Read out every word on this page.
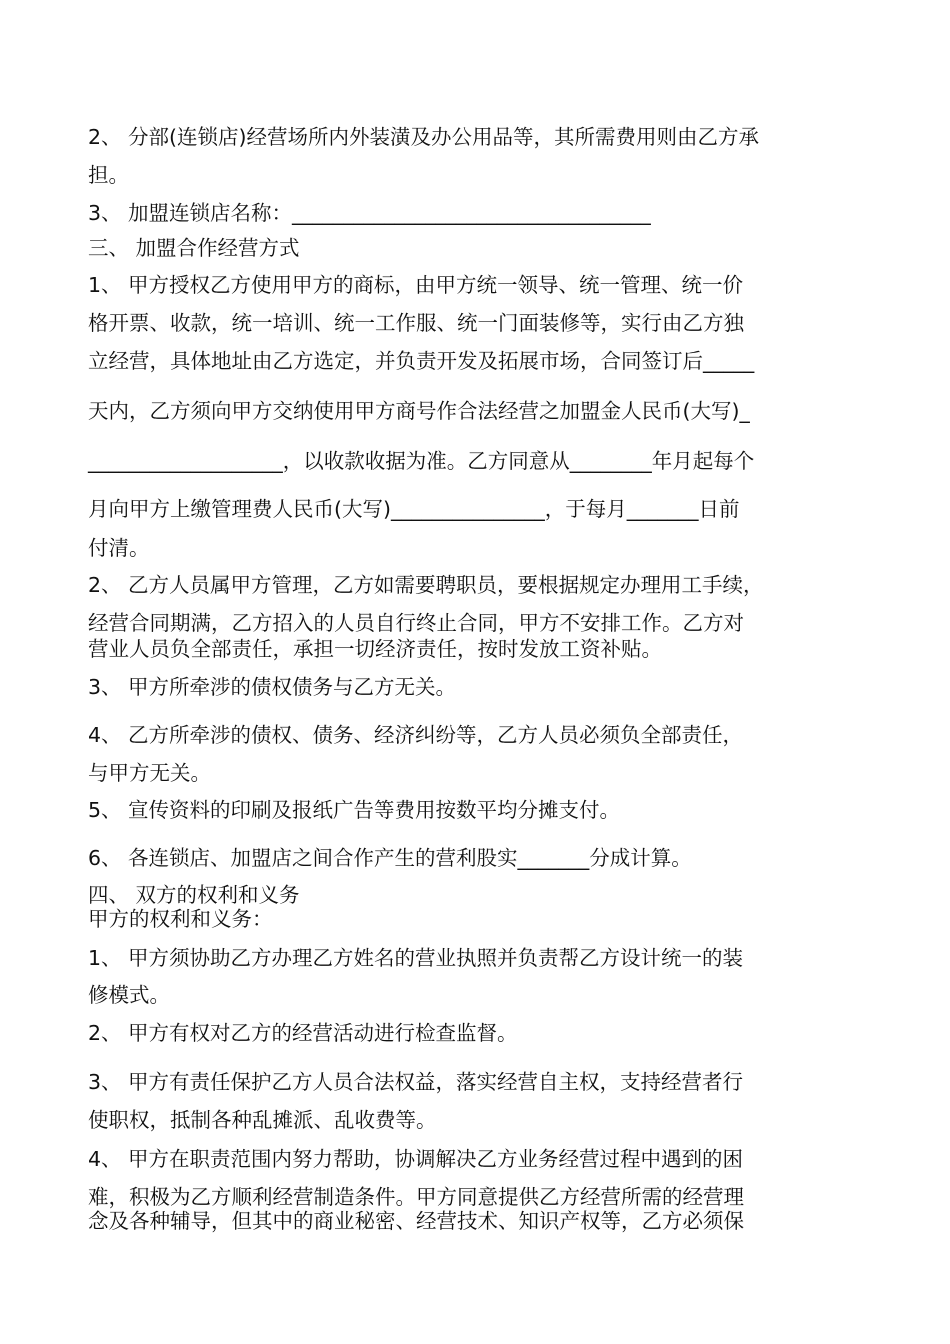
2、 分部(连锁店)经营场所内外装潢及办公用品等，其所需费用则由乙方承
担。
3、 加盟连锁店名称：___________________________________
三、 加盟合作经营方式
1、 甲方授权乙方使用甲方的商标，由甲方统一领导、统一管理、统一价
格开票、收款，统一培训、统一工作服、统一门面装修等，实行由乙方独
立经营，具体地址由乙方选定，并负责开发及拓展市场，合同签订后_____
天内，乙方须向甲方交纳使用甲方商号作合法经营之加盟金人民币(大写)_
___________________，以收款收据为准。乙方同意从________年月起每个
月向甲方上缴管理费人民币(大写)_______________，于每月_______日前
付清。
2、 乙方人员属甲方管理，乙方如需要聘职员，要根据规定办理用工手续，
经营合同期满，乙方招入的人员自行终止合同，甲方不安排工作。乙方对
营业人员负全部责任，承担一切经济责任，按时发放工资补贴。
3、 甲方所牵涉的债权债务与乙方无关。
4、 乙方所牵涉的债权、债务、经济纠纷等，乙方人员必须负全部责任，
与甲方无关。
5、 宣传资料的印刷及报纸广告等费用按数平均分摊支付。
6、 各连锁店、加盟店之间合作产生的营利股实_______分成计算。
四、 双方的权利和义务
甲方的权利和义务：
1、 甲方须协助乙方办理乙方姓名的营业执照并负责帮乙方设计统一的装
修模式。
2、 甲方有权对乙方的经营活动进行检查监督。
3、 甲方有责任保护乙方人员合法权益，落实经营自主权，支持经营者行
使职权，抵制各种乱摊派、乱收费等。
4、 甲方在职责范围内努力帮助，协调解决乙方业务经营过程中遇到的困
难，积极为乙方顺利经营制造条件。甲方同意提供乙方经营所需的经营理
念及各种辅导，但其中的商业秘密、经营技术、知识产权等，乙方必须保
